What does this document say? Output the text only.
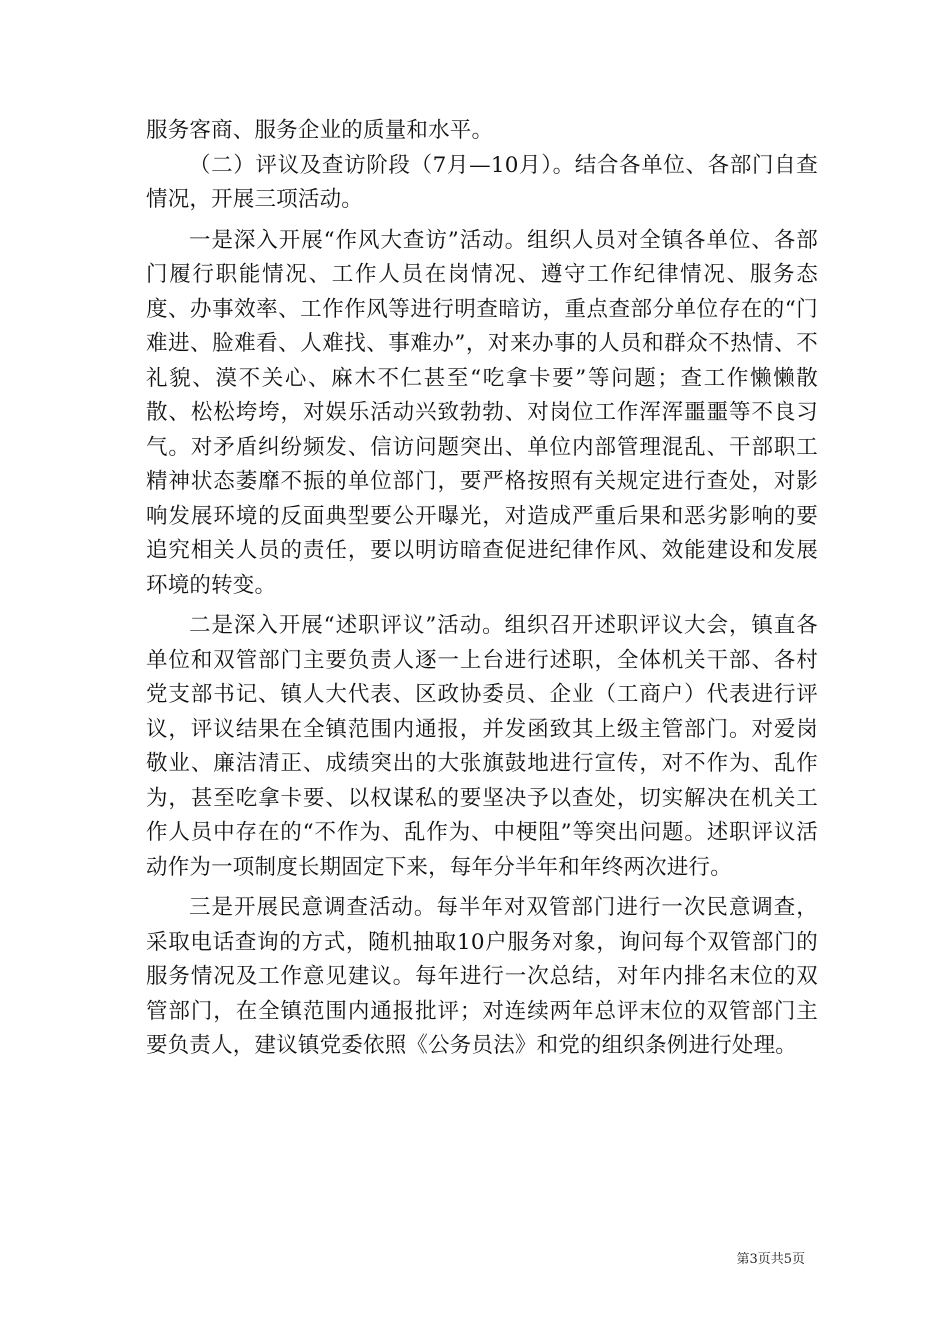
服务客商、服务企业的质量和水平。

（二）评议及查访阶段（7月—10月）。结合各单位、各部门自查情况，开展三项活动。

一是深入开展“作风大查访”活动。组织人员对全镇各单位、各部门履行职能情况、工作人员在岗情况、遵守工作纪律情况、服务态度、办事效率、工作作风等进行明查暗访，重点查部分单位存在的“门难进、脸难看、人难找、事难办”，对来办事的人员和群众不热情、不礼貌、漠不关心、麻木不仁甚至“吃拿卡要”等问题；查工作懒懒散散、松松垮垮，对娱乐活动兴致勃勃、对岗位工作浑浑噩噩等不良习气。对矛盾纠纷频发、信访问题突出、单位内部管理混乱、干部职工精神状态萎靡不振的单位部门，要严格按照有关规定进行查处，对影响发展环境的反面典型要公开曝光，对造成严重后果和恶劣影响的要追究相关人员的责任，要以明访暗查促进纪律作风、效能建设和发展环境的转变。

二是深入开展“述职评议”活动。组织召开述职评议大会，镇直各单位和双管部门主要负责人逐一上台进行述职，全体机关干部、各村党支部书记、镇人大代表、区政协委员、企业（工商户）代表进行评议，评议结果在全镇范围内通报，并发函致其上级主管部门。对爱岗敬业、廉洁清正、成绩突出的大张旗鼓地进行宣传，对不作为、乱作为，甚至吃拿卡要、以权谋私的要坚决予以查处，切实解决在机关工作人员中存在的“不作为、乱作为、中梗阻”等突出问题。述职评议活动作为一项制度长期固定下来，每年分半年和年终两次进行。

三是开展民意调查活动。每半年对双管部门进行一次民意调查，采取电话查询的方式，随机抽取10户服务对象，询问每个双管部门的服务情况及工作意见建议。每年进行一次总结，对年内排名末位的双管部门，在全镇范围内通报批评；对连续两年总评末位的双管部门主要负责人，建议镇党委依照《公务员法》和党的组织条例进行处理。

第3页共5页
